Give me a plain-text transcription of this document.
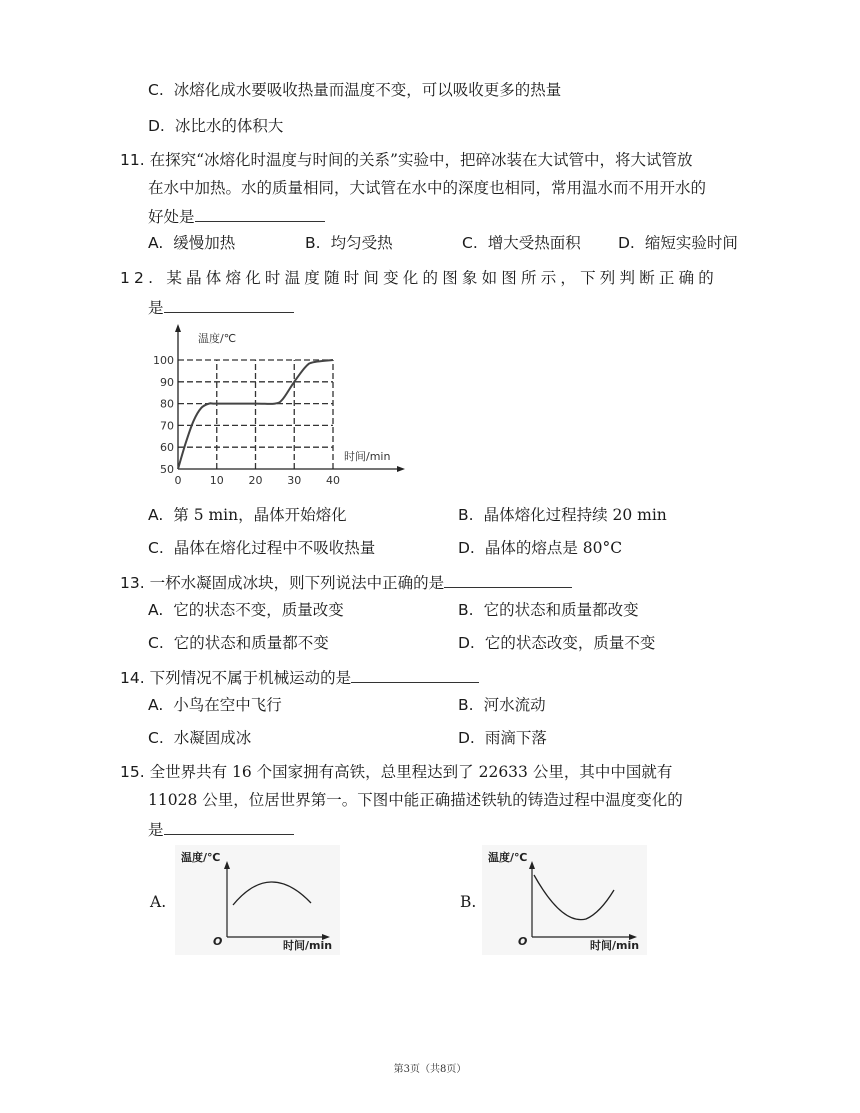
C. 冰熔化成水要吸收热量而温度不变，可以吸收更多的热量
D. 冰比水的体积大
11. 在探究“冰熔化时温度与时间的关系”实验中，把碎冰装在大试管中，将大试管放
在水中加热。水的质量相同，大试管在水中的深度也相同，常用温水而不用开水的
好处是
A. 缓慢加热	B. 均匀受热	C. 增大受热面积 D. 缩短实验时间
12. 某晶体熔化时温度随时间变化的图象如图所示，下列判断正确的
是
0	10 20 30 40
50
60
70
80
90
100
温度/℃
时间/min
A. 第 5 min，晶体开始熔化	B. 晶体熔化过程持续 20 min
C. 晶体在熔化过程中不吸收热量	D. 晶体的熔点是 80°C
13. 一杯水凝固成冰块，则下列说法中正确的是
A. 它的状态不变，质量改变	B. 它的状态和质量都改变
C. 它的状态和质量都不变	D. 它的状态改变，质量不变
14. 下列情况不属于机械运动的是
A. 小鸟在空中飞行	B. 河水流动
C. 水凝固成冰	D. 雨滴下落
15. 全世界共有 16 个国家拥有高铁，总里程达到了 22633 公里，其中中国就有
11028 公里，位居世界第一。下图中能正确描述铁轨的铸造过程中温度变化的
是
A.
温度/℃
O	时间/min
B.
温度/℃
O	时间/min
第3页（共8页）
